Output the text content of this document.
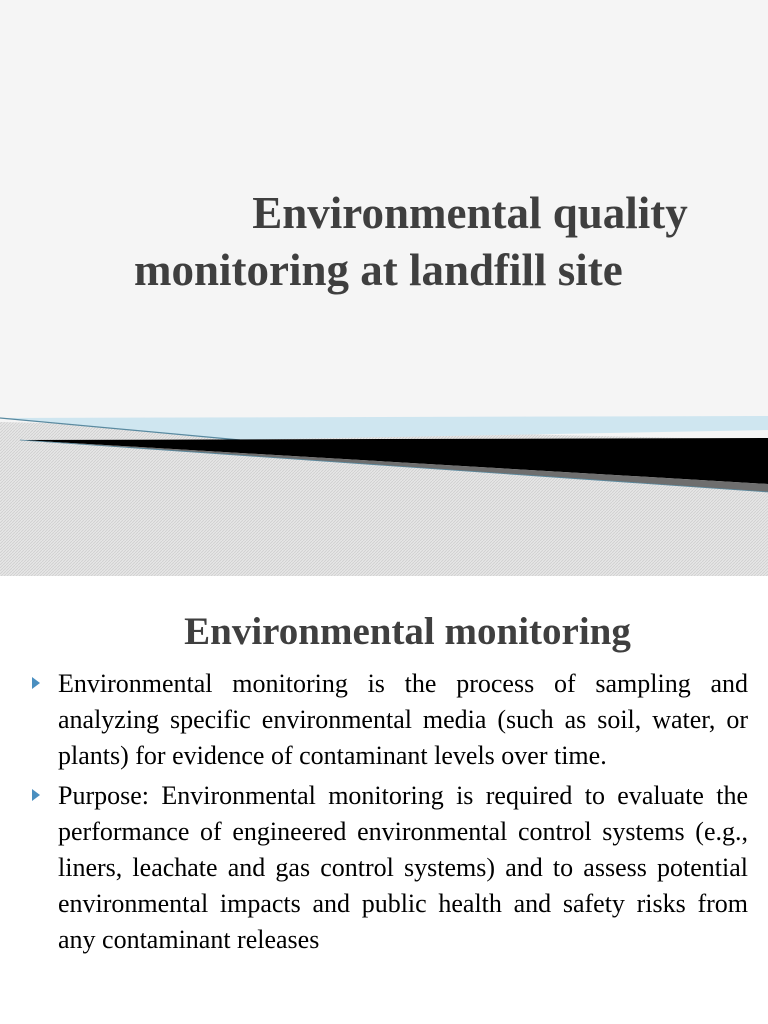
Environmental quality
monitoring at landfill site
Environmental monitoring
Environmental monitoring is the process of sampling and analyzing specific environmental media (such as soil, water, or plants) for evidence of contaminant levels over time.
Purpose: Environmental monitoring is required to evaluate the performance of engineered environmental control systems (e.g., liners, leachate and gas control systems) and to assess potential environmental impacts and public health and safety risks from any contaminant releases
